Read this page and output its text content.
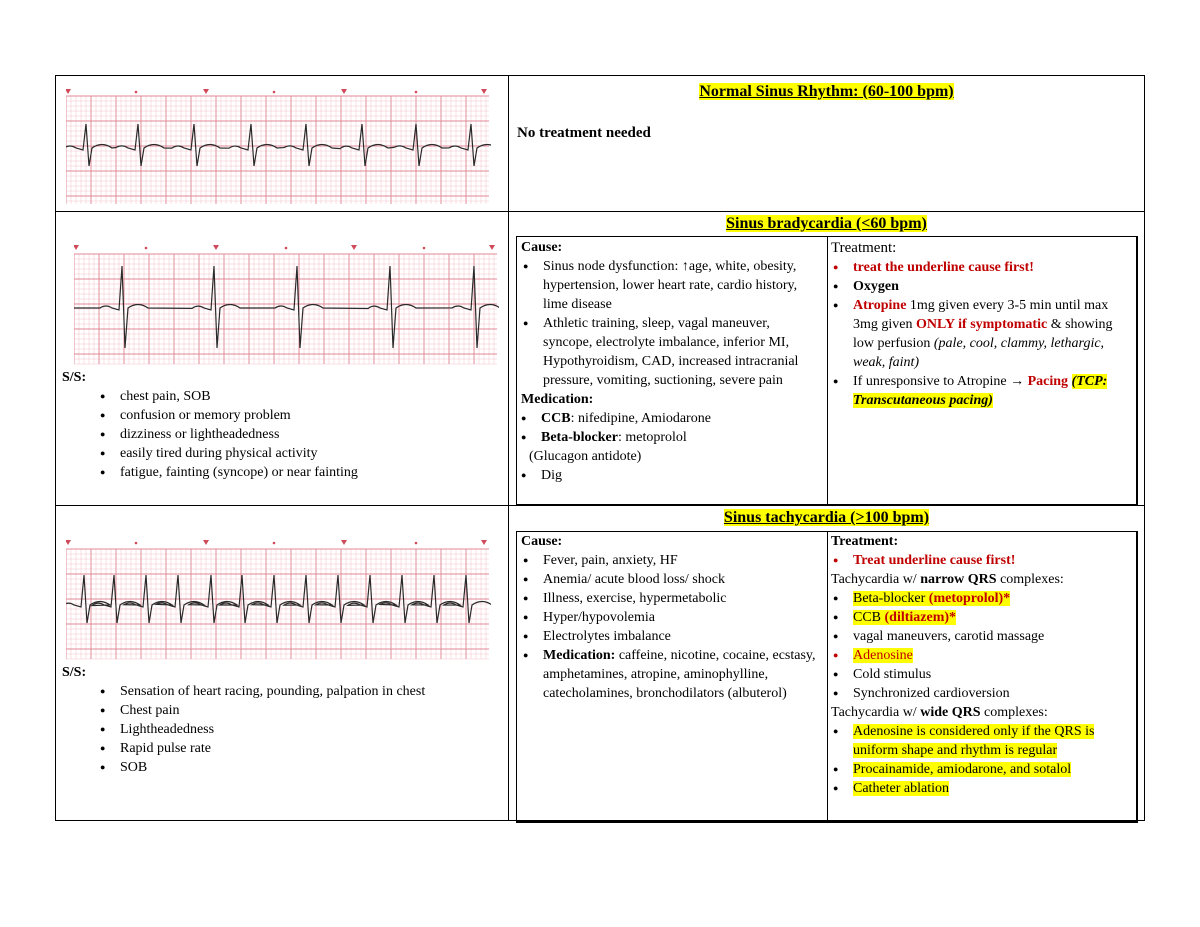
Normal Sinus Rhythm: (60-100 bpm)
No treatment needed
S/S:
● chest pain, SOB
● confusion or memory problem
● dizziness or lightheadedness
● easily tired during physical activity
● fatigue, fainting (syncope) or near fainting
Sinus bradycardia (<60 bpm)
Cause:
● Sinus node dysfunction: ↑age, white, obesity, hypertension, lower heart rate, cardio history, lime disease
● Athletic training, sleep, vagal maneuver, syncope, electrolyte imbalance, inferior MI, Hypothyroidism, CAD, increased intracranial pressure, vomiting, suctioning, severe pain
Medication:
● CCB: nifedipine, Amiodarone
● Beta-blocker: metoprolol
(Glucagon antidote)
● Dig
Treatment:
● treat the underline cause first!
● Oxygen
● Atropine 1mg given every 3-5 min until max 3mg given ONLY if symptomatic & showing low perfusion (pale, cool, clammy, lethargic, weak, faint)
● If unresponsive to Atropine → Pacing (TCP: Transcutaneous pacing)
S/S:
● Sensation of heart racing, pounding, palpation in chest
● Chest pain
● Lightheadedness
● Rapid pulse rate
● SOB
Sinus tachycardia (>100 bpm)
Cause:
● Fever, pain, anxiety, HF
● Anemia/ acute blood loss/ shock
● Illness, exercise, hypermetabolic
● Hyper/hypovolemia
● Electrolytes imbalance
● Medication: caffeine, nicotine, cocaine, ecstasy, amphetamines, atropine, aminophylline, catecholamines, bronchodilators (albuterol)
Treatment:
● Treat underline cause first!
Tachycardia w/ narrow QRS complexes:
● Beta-blocker (metoprolol)*
● CCB (diltiazem)*
● vagal maneuvers, carotid massage
● Adenosine
● Cold stimulus
● Synchronized cardioversion
Tachycardia w/ wide QRS complexes:
● Adenosine is considered only if the QRS is uniform shape and rhythm is regular
● Procainamide, amiodarone, and sotalol
● Catheter ablation
